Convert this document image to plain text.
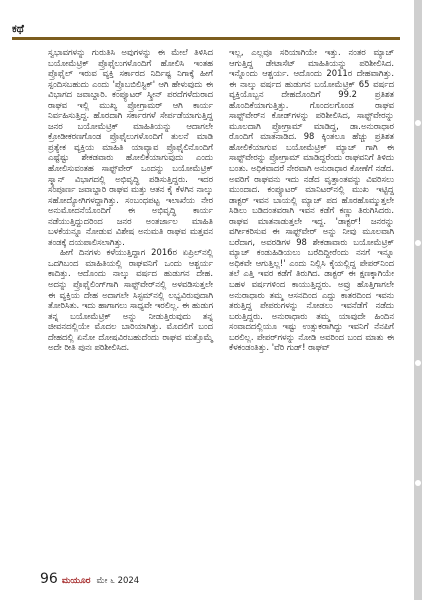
ಕಥೆ

ಸ್ವಭಾವಗಳನ್ನು ಗುರುತಿಸಿ ಅವುಗಳನ್ನು ಈ ಮೇಲೆ ತಿಳಿಸಿದ ಬಯೋಮೆಟ್ರಿಕ್ ಪ್ರೊಫೈಲುಗಳೊಂದಿಗೆ ಹೋಲಿಸಿ ಇಂತಹ ಪ್ರೊಫೈಲ್ ಇರುವ ವ್ಯಕ್ತಿ ಸರ್ಕಾರದ ನಿರ್ದಿಷ್ಟ ನಿಗಾಕ್ಕೆ ಹೀಗೆ ಸ್ಪಂದಿಸಬಹುದು ಎಂದು 'ಪ್ರೊಬಬಿಲಿಸ್ಟಿಕ್' ಆಗಿ ಹೇಳುವುದು ಈ ವಿಭಾಗದ ಜವಾಬ್ದಾರಿ. ಕಂಪ್ಯೂಟರ್ ಸ್ಕ್ರೀನ್ ಪರದೆಗಳೆದುರಾದ ರಾಘವ ಇಲ್ಲಿ ಮುಖ್ಯ ಪ್ರೋಗ್ರಾಮರ್ ಆಗಿ ಕಾರ್ಯ ನಿರ್ವಹಿಸುತ್ತಿದ್ದ. ಹೊರದಾಗಿ ಸರ್ಕಾರಗಳೆ ಸೇರ್ಪಡೆಯಾಗುತ್ತಿದ್ದ ಜನರ ಬಯೋಮೆಟ್ರಿಕ್ ಮಾಹಿತಿಯನ್ನು ಆದಾಗಲೇ ಕ್ರೋಡೀಕರಣಗೊಂಡ ಪ್ರೊಫೈಲುಗಳೊಂದಿಗೆ ತುಲನೆ ಮಾಡಿ ಪ್ರತ್ಯೇಕ ವ್ಯಕ್ತಿಯ ಮಾಹಿತಿ ಯಾವ್ಯಾವ ಪ್ರೊಫೈಲಿನೊಂದಿಗೆ ಎಷ್ಟೆಷ್ಟು ಶೇಕಡವಾರು ಹೋಲಿಕೆಯಾಗುವುದು ಎಂದು ಹೋಲಿಸುವಂತಹ ಸಾಫ್ಟ್‌ವೇರ್ ಒಂದನ್ನು ಬಯೋಮೆಟ್ರಿಕ್ ಸ್ಕ್ಯಾನ್ ವಿಭಾಗದಲ್ಲಿ ಅಭಿವೃದ್ಧಿ ಪಡಿಸುತ್ತಿದ್ದರು. ಇದರ ಸಂಪೂರ್ಣ ಜವಾಬ್ದಾರಿ ರಾಘವ ಮತ್ತು ಆತನ ಕೈ ಕೆಳಗಿನ ನಾಲ್ಕು ಸಹೋದ್ಯೋಗಿಗಳದ್ದಾಗಿತ್ತು. ಸಂಬಂಧಪಟ್ಟ ಇಲಾಖೆಯ ನೇರ ಅನುಮೋದನೆಯೊಂದಿಗೆ ಈ ಅಭಿವೃದ್ಧಿ ಕಾರ್ಯ ನಡೆಯುತ್ತಿದ್ದುದರಿಂದ ಜನರ ಅಂತರ್ಜಾಲ ಮಾಹಿತಿ ಬಳಕೆಯನ್ನೂ ನೋಡುವ ವಿಶೇಷ ಅನುಮತಿ ರಾಘವ ಮತ್ತವನ ತಂಡಕ್ಕೆ ದಯಪಾಲಿಸಲಾಗಿತ್ತು.

ಹೀಗೆ ದಿನಗಳು ಕಳೆಯುತ್ತಿದ್ದಾಗ 2016ರ ಏಪ್ರಿಲ್‌ನಲ್ಲಿ ಒದಗಿಬಂದ ಮಾಹಿತಿಯಲ್ಲಿ ರಾಘವನಿಗೆ ಒಂದು ಆಶ್ಚರ್ಯ ಕಾದಿತ್ತು. ಆದೊಂದು ನಾಲ್ಕು ವರ್ಷದ ಹುಡುಗನ ದೇಹ. ಅದನ್ನು ಪ್ರೊಫೈಲಿಂಗ್‌ಗಾಗಿ ಸಾಫ್ಟ್‌ವೇರ್‌ನಲ್ಲಿ ಅಳವಡಿಸುತ್ತಲೇ ಈ ವ್ಯಕ್ತಿಯ ದೇಹ ಅದಾಗಲೇ ಸಿಸ್ಟಮ್‌ನಲ್ಲಿ ಲಭ್ಯವಿರುವುದಾಗಿ ತೋರಿಸಿತು. ಇದು ಹಾಗಾಗಲು ಸಾಧ್ಯವೇ ಇರಲಿಲ್ಲ. ಈ ಹುಡುಗ ತನ್ನ ಬಯೋಮೆಟ್ರಿಕ್ ಅನ್ನು ನೀಡುತ್ತಿರುವುದು ತನ್ನ ಜೀವನದಲ್ಲಿಯೇ ಮೊದಲ ಬಾರಿಯಾಗಿತ್ತು. ಮೊದಲಿಗೆ ಬಂದ ದೇಹದಲ್ಲಿ ಏನೋ ದೋಷವಿರಬಹುದೆಂದು ರಾಘವ ಮತ್ತೊಮ್ಮೆ ಅದೇ ರೀತಿ ಪುನಃ ಪರಿಶೀಲಿಸಿದ.

ಇಲ್ಲ, ಎಲ್ಲವೂ ಸರಿಯಾಗಿಯೇ ಇತ್ತು. ನಂತರ ಮ್ಯಾಚ್ ಆಗುತ್ತಿದ್ದ ಡೇಟಾಸೆಟ್ ಮಾಹಿತಿಯನ್ನು ಪರಿಶೀಲಿಸಿದ. ಇನ್ನೊಂದು ಆಶ್ಚರ್ಯ. ಆದೊಂದು 2011ರ ದೇಹವಾಗಿತ್ತು. ಈ ನಾಲ್ಕು ವರ್ಷದ ಹುಡುಗನ ಬಯೋಮೆಟ್ರಿಕ್ 65 ವರ್ಷದ ವ್ಯಕ್ತಿಯೊಬ್ಬನ ದೇಹದೊಂದಿಗೆ 99.2 ಪ್ರತಿಶತ ಹೊಂದಿಕೆಯಾಗುತ್ತಿತ್ತು. ಗೊಂದಲಗೊಂಡ ರಾಘವ ಸಾಫ್ಟ್‌ವೇರ್‌ನ ಕೋಡ್‌ಗಳನ್ನು ಪರಿಶೀಲಿಸಿದ, ಸಾಫ್ಟ್‌ವೇರನ್ನು ಮೂಲದಾಗಿ ಪ್ರೋಗ್ರಾಮ್ ಮಾಡಿದ್ದ, ಡಾ.ಅನುರಾಧಾರ ರೊಂದಿಗೆ ಮಾತನಾಡಿದ. 98 ಕ್ಕಿಂತಲೂ ಹೆಚ್ಚು ಪ್ರತಿಶತ ಹೋಲಿಕೆಯಾಗುವ ಬಯೋಮೆಟ್ರಿಕ್ ಮ್ಯಾಚ್ ಗಾಗಿ ಈ ಸಾಫ್ಟ್‌ವೇರನ್ನು ಪ್ರೋಗ್ರಾಮ್ ಮಾಡಿದ್ದರೆಂದು ರಾಘವನಿಗೆ ತಿಳಿದು ಬಂತು. ಅಧಿಕವಾದರೆ ನೇರವಾಗಿ ಅನುರಾಧಾರ ಕೋಣೆಗೆ ನಡೆದ. ಅವರಿಗೆ ರಾಘವನು ಇದು ನಡೆದ ವೃತ್ತಾಂತವನ್ನು ವಿವರಿಸಲು ಮುಂದಾದ. ಕಂಪ್ಯೂಟರ್ ಮಾನಿಟರ್‌ನಲ್ಲಿ ಮುಖ ಇಟ್ಟಿದ್ದ ಡಾಕ್ಟರ್ ಇವನ ಬಾಯಲ್ಲಿ ಮ್ಯಾಚ್ ಪದ ಹೊರಹೊಮ್ಮುತ್ತಲೇ ಸಿಡಿಲು ಬಡಿದಂತವರಾಗಿ ಇವನ ಕಡೆಗೆ ಕಣ್ಣು ತಿರುಗಿಸಿದರು. ರಾಘವ ಮಾತನಾಡುತ್ತಲೇ ಇದ್ದ. 'ಡಾಕ್ಟರ್! ಜನರನ್ನು ವರ್ಗೀಕರಿಸುವ ಈ ಸಾಫ್ಟ್‌ವೇರ್ ಅನ್ನು ನೀವು ಮೂಲವಾಗಿ ಬರೆದಾಗ, ಅವರಡಿಗಳ 98 ಶೇಕಡಾವಾರು ಬಯೋಮೆಟ್ರಿಕ್ ಮ್ಯಾಚ್ ಕಂಡುಹಿಡಿಯಲು ಬರೆದಿದ್ದೀರೆಂದು ನನಗೆ ಇನ್ನೂ ಅಧಿಕವೇ ಆಗುತ್ತಿಲ್ಲ!' ಎಂದು ನಿಲ್ಲಿಸಿ ಕೈಯಲ್ಲಿದ್ದ ಪೇಪರ್‌ನಿಂದ ತಲೆ ಎತ್ತಿ ಇವರ ಕಡೆಗೆ ತಿರುಗಿದ. ಡಾಕ್ಟರ್ ಈ ಕ್ಷಣಕ್ಕಾಗಿಯೇ ಬಹಳ ವರ್ಷಗಳಿಂದ ಕಾಯುತ್ತಿದ್ದರು. ಅವ್ರು ಹೊತ್ತಿಗಾಗಲೇ ಅನುರಾಧಾರು ತಮ್ಮ ಆಸನದಿಂದ ಎದ್ದು ಕಾತರದಿಂದ ಇವನು ತರುತ್ತಿದ್ದ ಪೇಪರುಗಳನ್ನು ನೋಡಲು ಇವನೆಡೆಗೆ ನಡೆದು ಬರುತ್ತಿದ್ದರು. ಅನುರಾಧಾರು ತಮ್ಮ ಯಾವುದೇ ಹಿಂದಿನ ಸಂವಾದದಲ್ಲಿಯೂ ಇಷ್ಟು ಉತ್ಸುಕರಾಗಿದ್ದು ಇವನಿಗೆ ನೆನಪಿಗೆ ಬರಲಿಲ್ಲ. ಪೇಪರ್‌ಗಳನ್ನು ನೋಡಿ ಅವರಿಂದ ಬಂದ ಮಾತು ಈ ಕೆಳಕಂಡಂತಿತ್ತು. 'ವೆರಿ ಗುಡ್! ರಾಘವ್

96 ಮಯೂರ ಮೇ ೬ 2024
